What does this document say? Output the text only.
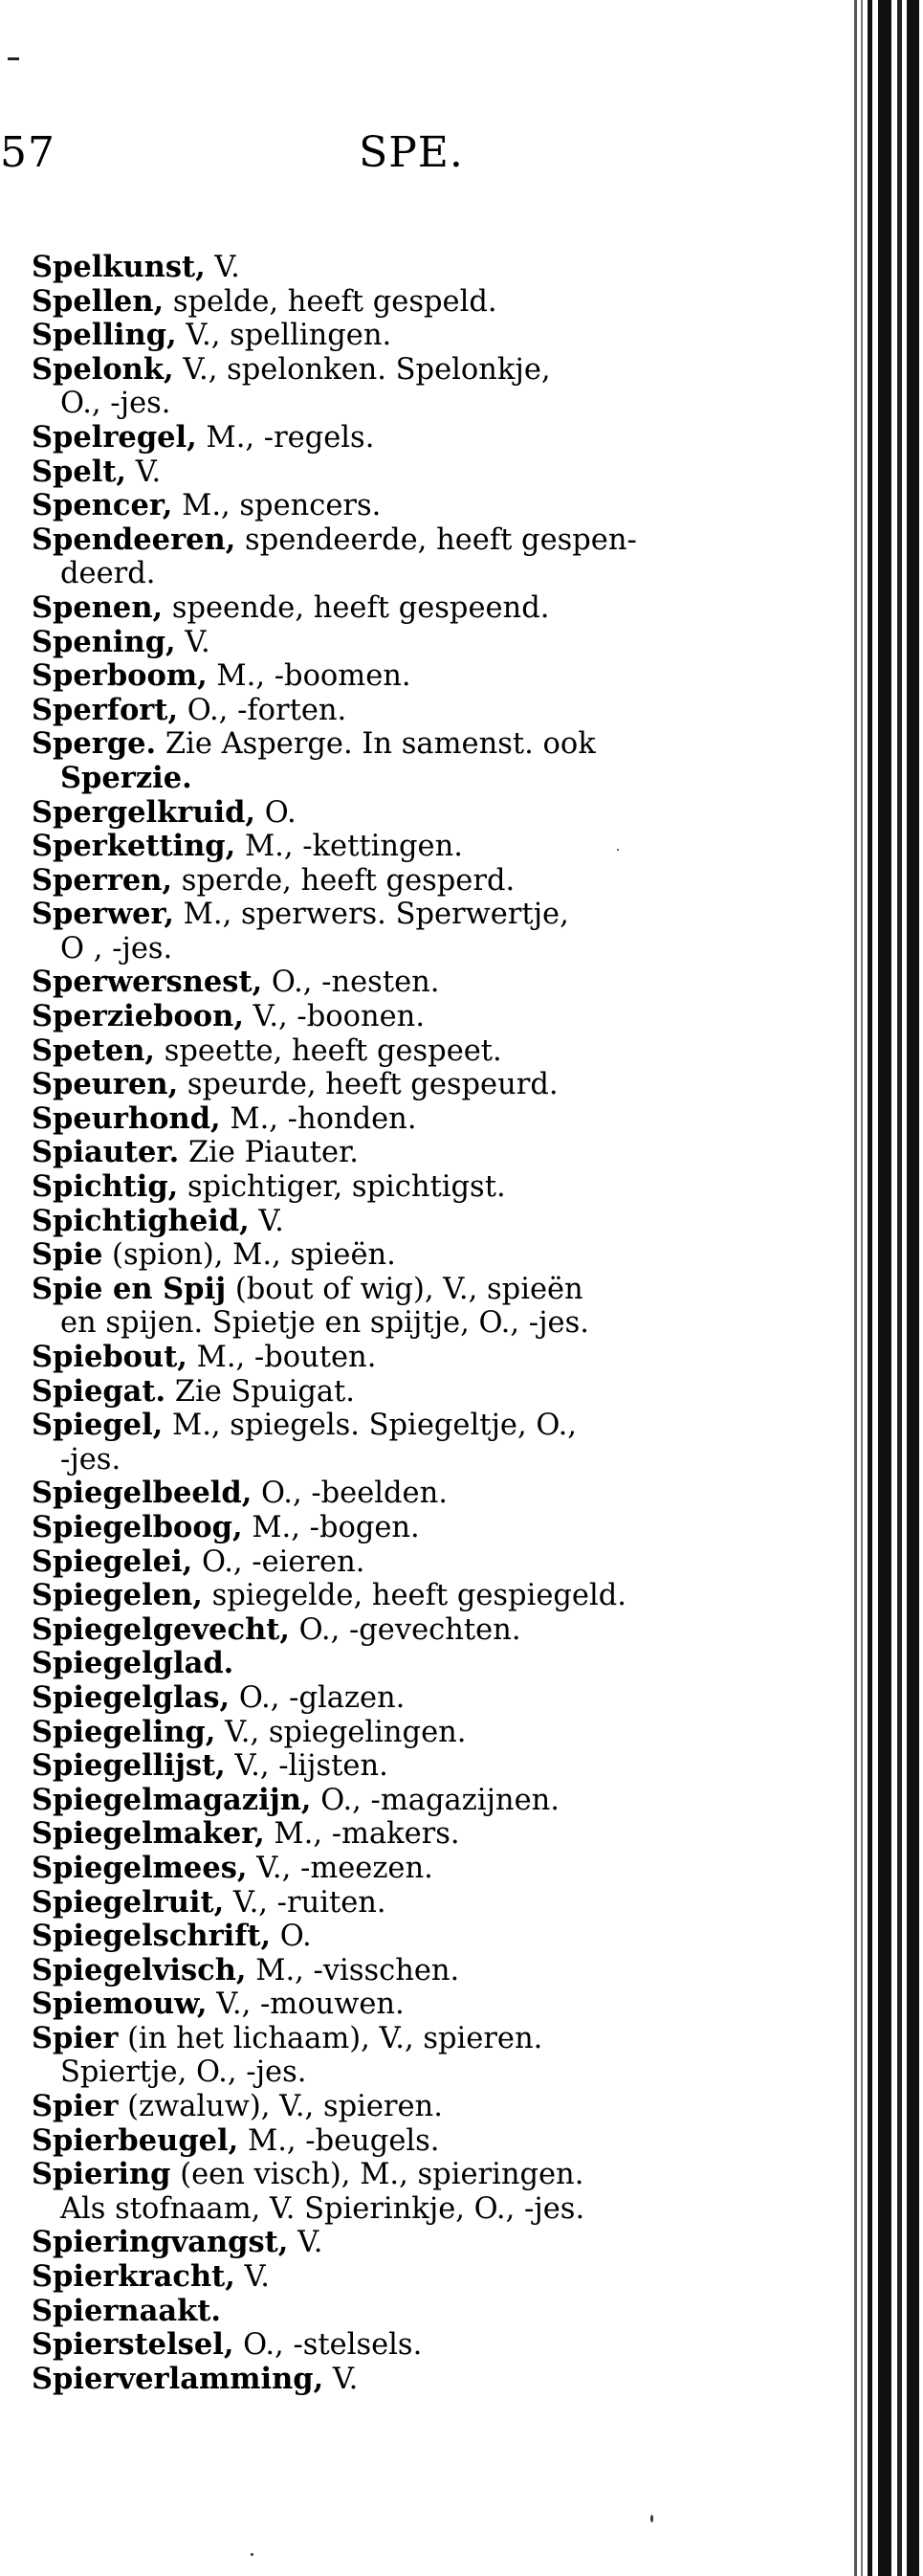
57	SPE.

Spelkunst, V.

Spellen, spelde, heeft gespeld.

Spelling, V., spellingen.

Spelonk, V., spelonken. Spelonkje,
O., -jes.

Spelregel, M., -regels.

Spelt, V.

Spencer, M., spencers.

Spendeeren, spendeerde, heeft gespen-
deerd.

Spenen, speende, heeft gespeend.

Spening, V.

Sperboom, M., -boomen.

Sperfort, O., -forten.

Sperge. Zie Asperge. In samenst. ook
Sperzie.

Spergelkruid, O.

Sperketting, M., -kettingen.

Sperren, sperde, heeft gesperd.

Sperwer, M., sperwers. Sperwertje,
O , -jes.

Sperwersnest, O., -nesten.

Sperzieboon, V., -boonen.

Speten, speette, heeft gespeet.

Speuren, speurde, heeft gespeurd.

Speurhond, M., -honden.

Spiauter. Zie Piauter.

Spichtig, spichtiger, spichtigst.

Spichtigheid, V.

Spie (spion), M., spieën.

Spie en Spij (bout of wig), V., spieën
en spijen. Spietje en spijtje, O., -jes.

Spiebout, M., -bouten.

Spiegat. Zie Spuigat.

Spiegel, M., spiegels. Spiegeltje, O.,
-jes.

Spiegelbeeld, O., -beelden.

Spiegelboog, M., -bogen.

Spiegelei, O., -eieren.

Spiegelen, spiegelde, heeft gespiegeld.

Spiegelgevecht, O., -gevechten.

Spiegelglad.

Spiegelglas, O., -glazen.

Spiegeling, V., spiegelingen.

Spiegellijst, V., -lijsten.

Spiegelmagazijn, O., -magazijnen.

Spiegelmaker, M., -makers.

Spiegelmees, V., -meezen.

Spiegelruit, V., -ruiten.

Spiegelschrift, O.

Spiegelvisch, M., -visschen.

Spiemouw, V., -mouwen.

Spier (in het lichaam), V., spieren.
Spiertje, O., -jes.

Spier (zwaluw), V., spieren.

Spierbeugel, M., -beugels.

Spiering (een visch), M., spieringen.
Als stofnaam, V. Spierinkje, O., -jes.

Spieringvangst, V.

Spierkracht, V.

Spiernaakt.

Spierstelsel, O., -stelsels.

Spierverlamming, V.
